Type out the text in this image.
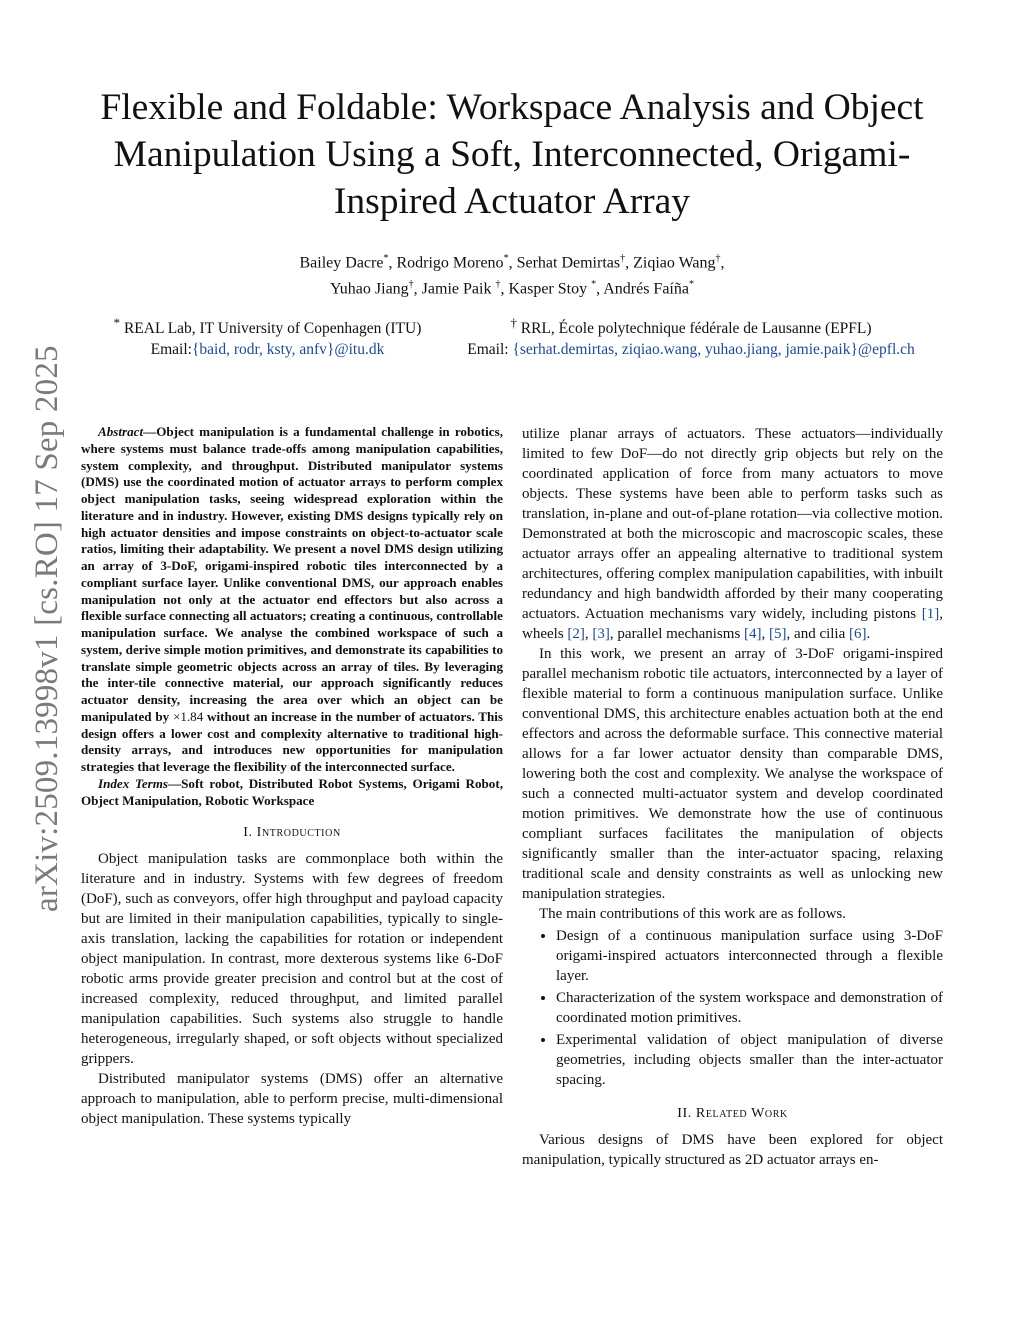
Flexible and Foldable: Workspace Analysis and Object Manipulation Using a Soft, Interconnected, Origami-Inspired Actuator Array
Bailey Dacre*, Rodrigo Moreno*, Serhat Demirtas†, Ziqiao Wang†,
Yuhao Jiang†, Jamie Paik †, Kasper Stoy *, Andrés Faíña*
* REAL Lab, IT University of Copenhagen (ITU)
Email:{baid, rodr, ksty, anfv}@itu.dk
† RRL, École polytechnique fédérale de Lausanne (EPFL)
Email: {serhat.demirtas, ziqiao.wang, yuhao.jiang, jamie.paik}@epfl.ch
arXiv:2509.13998v1 [cs.RO] 17 Sep 2025	Abstract—Object manipulation is a fundamental challenge in robotics, where systems must balance trade-offs among manipulation capabilities, system complexity, and throughput. Distributed manipulator systems (DMS) use the coordinated motion of actuator arrays to perform complex object manipulation tasks, seeing widespread exploration within the literature and in industry. However, existing DMS designs typically rely on high actuator densities and impose constraints on object-to-actuator scale ratios, limiting their adaptability. We present a novel DMS design utilizing an array of 3-DoF, origami-inspired robotic tiles interconnected by a compliant surface layer. Unlike conventional DMS, our approach enables manipulation not only at the actuator end effectors but also across a flexible surface connecting all actuators; creating a continuous, controllable manipulation surface. We analyse the combined workspace of such a system, derive simple motion primitives, and demonstrate its capabilities to translate simple geometric objects across an array of tiles. By leveraging the inter-tile connective material, our approach significantly reduces actuator density, increasing the area over which an object can be manipulated by ×1.84 without an increase in the number of actuators. This design offers a lower cost and complexity alternative to traditional high-density arrays, and introduces new opportunities for manipulation strategies that leverage the flexibility of the interconnected surface.

Index Terms—Soft robot, Distributed Robot Systems, Origami Robot, Object Manipulation, Robotic Workspace

I. Introduction

Object manipulation tasks are commonplace both within the literature and in industry. Systems with few degrees of freedom (DoF), such as conveyors, offer high throughput and payload capacity but are limited in their manipulation capabilities, typically to single-axis translation, lacking the capabilities for rotation or independent object manipulation. In contrast, more dexterous systems like 6-DoF robotic arms provide greater precision and control but at the cost of increased complexity, reduced throughput, and limited parallel manipulation capabilities. Such systems also struggle to handle heterogeneous, irregularly shaped, or soft objects without specialized grippers.

Distributed manipulator systems (DMS) offer an alternative approach to manipulation, able to perform precise, multi-dimensional object manipulation. These systems typically

utilize planar arrays of actuators. These actuators—individually limited to few DoF—do not directly grip objects but rely on the coordinated application of force from many actuators to move objects. These systems have been able to perform tasks such as translation, in-plane and out-of-plane rotation—via collective motion. Demonstrated at both the microscopic and macroscopic scales, these actuator arrays offer an appealing alternative to traditional system architectures, offering complex manipulation capabilities, with inbuilt redundancy and high bandwidth afforded by their many cooperating actuators. Actuation mechanisms vary widely, including pistons [1], wheels [2], [3], parallel mechanisms [4], [5], and cilia [6].

In this work, we present an array of 3-DoF origami-inspired parallel mechanism robotic tile actuators, interconnected by a layer of flexible material to form a continuous manipulation surface. Unlike conventional DMS, this architecture enables actuation both at the end effectors and across the deformable surface. This connective material allows for a far lower actuator density than comparable DMS, lowering both the cost and complexity. We analyse the workspace of such a connected multi-actuator system and develop coordinated motion primitives. We demonstrate how the use of continuous compliant surfaces facilitates the manipulation of objects significantly smaller than the inter-actuator spacing, relaxing traditional scale and density constraints as well as unlocking new manipulation strategies.

The main contributions of this work are as follows.

• Design of a continuous manipulation surface using 3-DoF origami-inspired actuators interconnected through a flexible layer.
• Characterization of the system workspace and demonstration of coordinated motion primitives.
• Experimental validation of object manipulation of diverse geometries, including objects smaller than the inter-actuator spacing.
II. Related Work

Various designs of DMS have been explored for object manipulation, typically structured as 2D actuator arrays en-
